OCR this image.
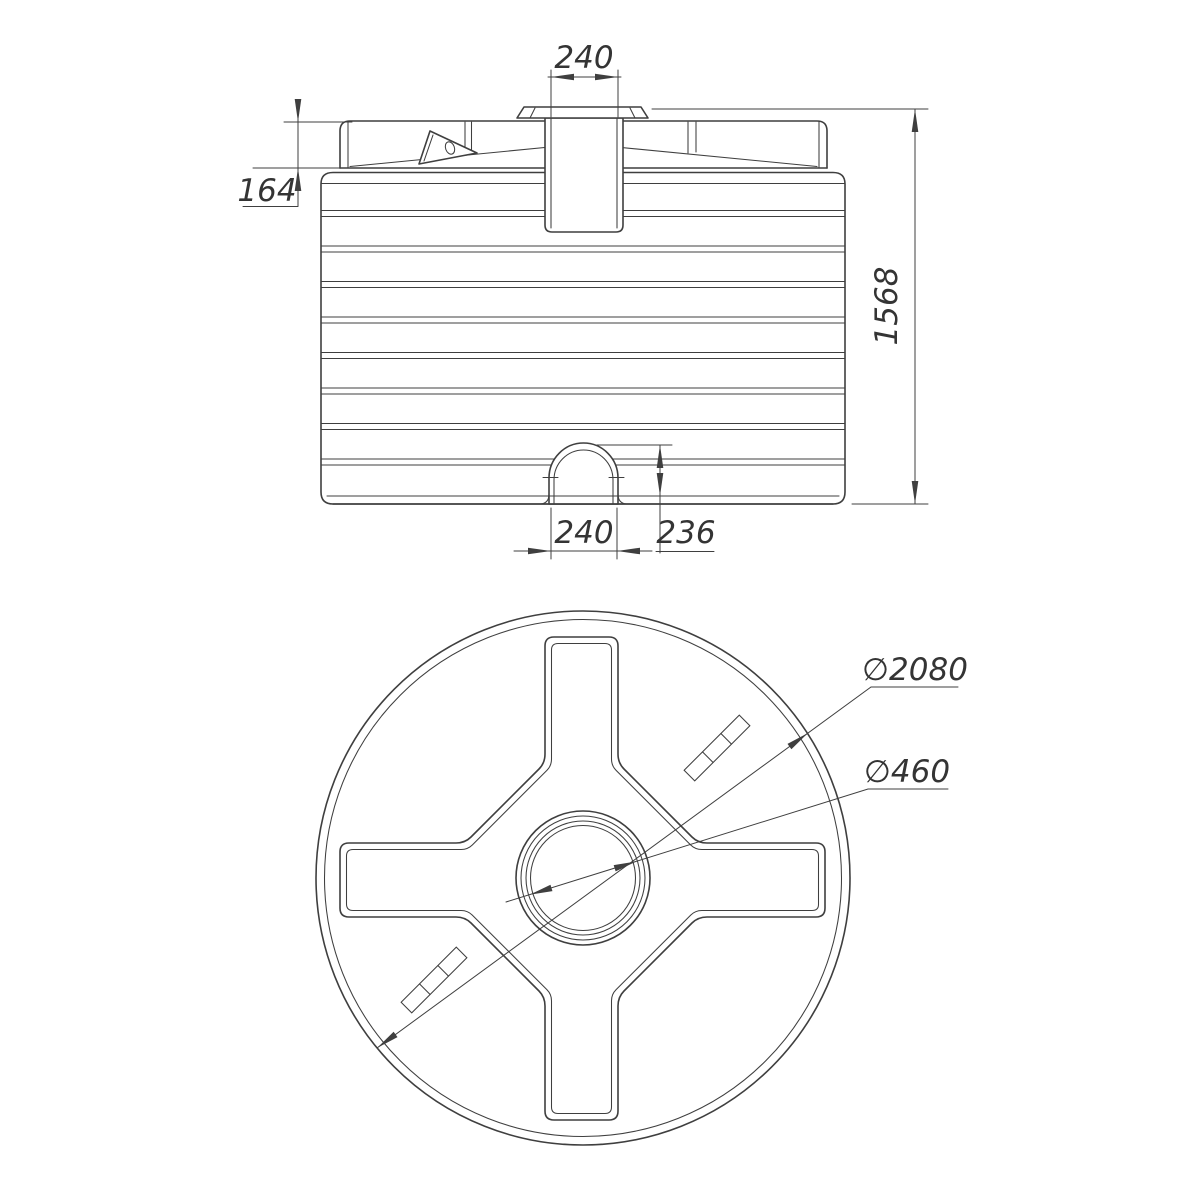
240
164
1568
240 236
∅2080
∅460
